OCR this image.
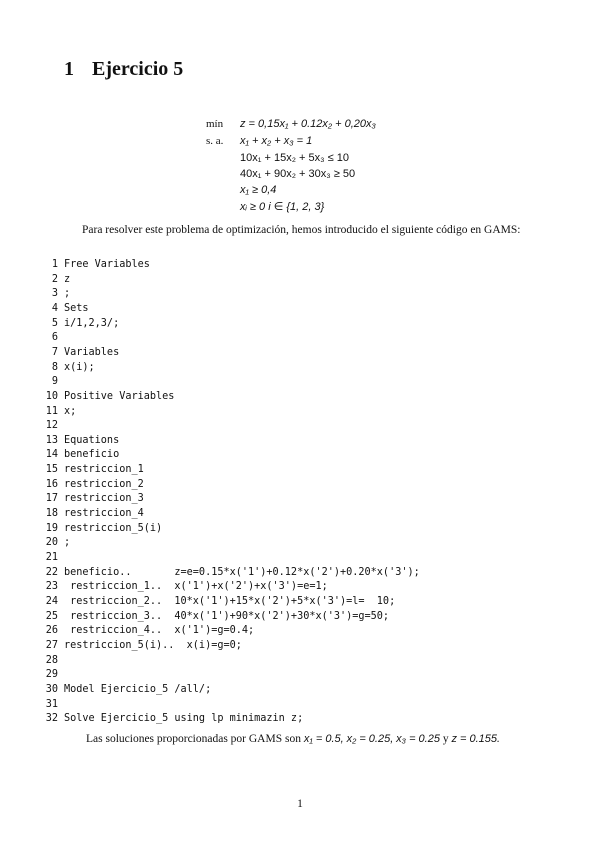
1 Ejercicio 5
mín z = 0,15x₁ + 0.12x₂ + 0,20x₃
s. a. x₁ + x₂ + x₃ = 1
10x₁ + 15x₂ + 5x₃ ≤ 10
40x₁ + 90x₂ + 30x₃ ≥ 50
x₁ ≥ 0,4
xᵢ ≥ 0 i ∈ {1, 2, 3}
Para resolver este problema de optimización, hemos introducido el siguiente código en GAMS:
1 Free Variables
2 z
3 ;
4 Sets
5 i/1,2,3/;
6
7 Variables
8 x(i);
9
10 Positive Variables
11 x;
12
13 Equations
14 beneficio
15 restriccion_1
16 restriccion_2
17 restriccion_3
18 restriccion_4
19 restriccion_5(i)
20 ;
21
22 beneficio..       z=e=0.15*x('1')+0.12*x('2')+0.20*x('3');
23 restriccion_1..  x('1')+x('2')+x('3')=e=1;
24 restriccion_2..  10*x('1')+15*x('2')+5*x('3')=l=  10;
25 restriccion_3..  40*x('1')+90*x('2')+30*x('3')=g=50;
26 restriccion_4..  x('1')=g=0.4;
27 restriccion_5(i)..  x(i)=g=0;
28
29
30 Model Ejercicio_5 /all/;
31
32 Solve Ejercicio_5 using lp minimazin z;
Las soluciones proporcionadas por GAMS son x₁ = 0.5, x₂ = 0.25, x₃ = 0.25 y z = 0.155.
1
